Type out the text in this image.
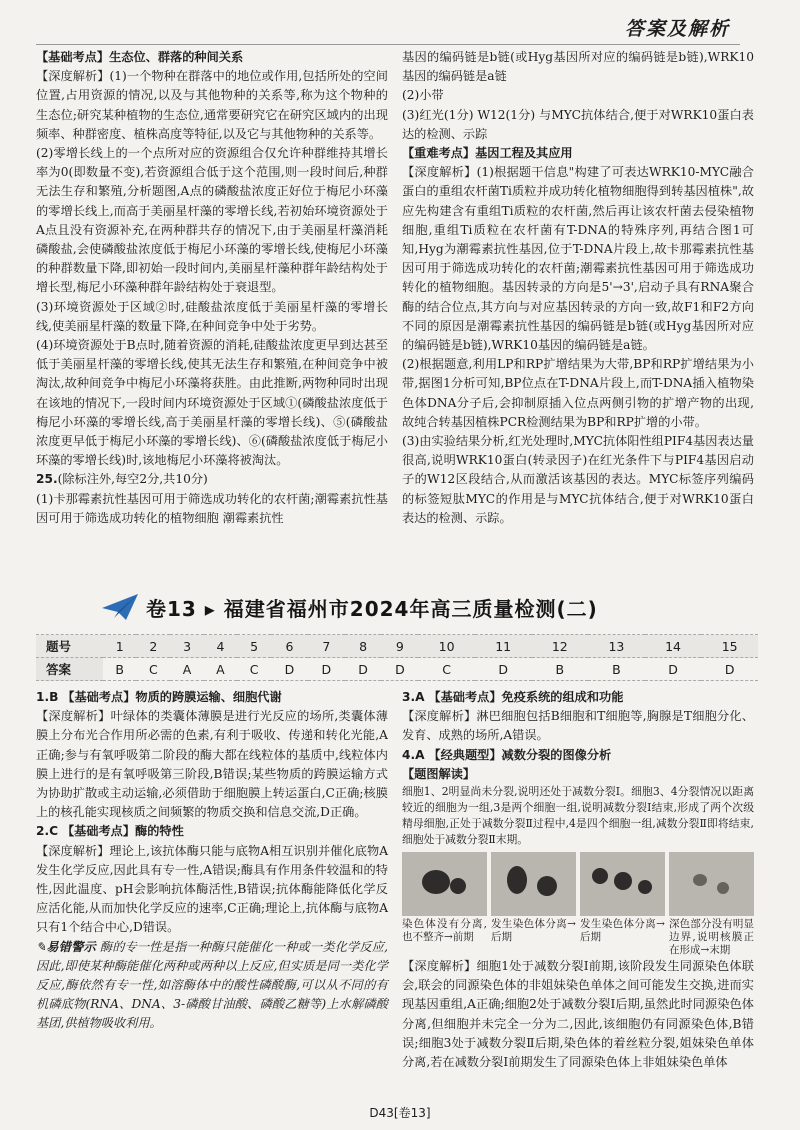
答案及解析

【基础考点】生态位、群落的种间关系

【深度解析】(1)一个物种在群落中的地位或作用,包括所处的空间位置,占用资源的情况,以及与其他物种的关系等,称为这个物种的生态位;研究某种植物的生态位,通常要研究它在研究区域内的出现频率、种群密度、植株高度等特征,以及它与其他物种的关系等。

(2)零增长线上的一个点所对应的资源组合仅允许种群维持其增长率为0(即数量不变),若资源组合低于这个范围,则一段时间后,种群无法生存和繁殖,分析题图,A点的磷酸盐浓度正好位于梅尼小环藻的零增长线上,而高于美丽星杆藻的零增长线,若初始环境资源处于A点且没有资源补充,在两种群共存的情况下,由于美丽星杆藻消耗磷酸盐,会使磷酸盐浓度低于梅尼小环藻的零增长线,使梅尼小环藻的种群数量下降,即初始一段时间内,美丽星杆藻种群年龄结构处于增长型,梅尼小环藻种群年龄结构处于衰退型。

(3)环境资源处于区域②时,硅酸盐浓度低于美丽星杆藻的零增长线,使美丽星杆藻的数量下降,在种间竞争中处于劣势。

(4)环境资源处于B点时,随着资源的消耗,硅酸盐浓度更早到达甚至低于美丽星杆藻的零增长线,使其无法生存和繁殖,在种间竞争中被淘汰,故种间竞争中梅尼小环藻将获胜。由此推断,两物种同时出现在该地的情况下,一段时间内环境资源处于区域①(磷酸盐浓度低于梅尼小环藻的零增长线,高于美丽星杆藻的零增长线)、⑤(磷酸盐浓度更早低于梅尼小环藻的零增长线)、⑥(磷酸盐浓度低于梅尼小环藻的零增长线)时,该地梅尼小环藻将被淘汰。

25.(除标注外,每空2分,共10分)

(1)卡那霉素抗性基因可用于筛选成功转化的农杆菌;潮霉素抗性基因可用于筛选成功转化的植物细胞 潮霉素抗性

基因的编码链是b链(或Hyg基因所对应的编码链是b链),WRK10基因的编码链是a链

(2)小带

(3)红光(1分) W12(1分) 与MYC抗体结合,便于对WRK10蛋白表达的检测、示踪

【重难考点】基因工程及其应用

【深度解析】(1)根据题干信息"构建了可表达WRK10-MYC融合蛋白的重组农杆菌Ti质粒并成功转化植物细胞得到转基因植株",故应先构建含有重组Ti质粒的农杆菌,然后再让该农杆菌去侵染植物细胞,重组Ti质粒在农杆菌有T-DNA的特殊序列,再结合图1可知,Hyg为潮霉素抗性基因,位于T-DNA片段上,故卡那霉素抗性基因可用于筛选成功转化的农杆菌;潮霉素抗性基因可用于筛选成功转化的植物细胞。基因转录的方向是5'→3',启动子具有RNA聚合酶的结合位点,其方向与对应基因转录的方向一致,故F1和F2方向不同的原因是潮霉素抗性基因的编码链是b链(或Hyg基因所对应的编码链是b链),WRK10基因的编码链是a链。

(2)根据题意,利用LP和RP扩增结果为大带,BP和RP扩增结果为小带,据图1分析可知,BP位点在T-DNA片段上,而T-DNA插入植物染色体DNA分子后,会抑制原插入位点两侧引物的扩增产物的出现,故纯合转基因植株PCR检测结果为BP和RP扩增的小带。

(3)由实验结果分析,红光处理时,MYC抗体阳性组PIF4基因表达量很高,说明WRK10蛋白(转录因子)在红光条件下与PIF4基因启动子的W12区段结合,从而激活该基因的表达。MYC标签序列编码的标签短肽MYC的作用是与MYC抗体结合,便于对WRK10蛋白表达的检测、示踪。

卷13 ▸ 福建省福州市2024年高三质量检测(二)
题号	1	2	3	4	5	6	7	8	9	10	11	12	13	14	15
答案	B	C	A	A	C	D	D	D	D	C	D	B	B	D	D

1.B 【基础考点】物质的跨膜运输、细胞代谢

【深度解析】叶绿体的类囊体薄膜是进行光反应的场所,类囊体薄膜上分布光合作用所必需的色素,有利于吸收、传递和转化光能,A正确;参与有氧呼吸第二阶段的酶大都在线粒体的基质中,线粒体内膜上进行的是有氧呼吸第三阶段,B错误;某些物质的跨膜运输方式为协助扩散或主动运输,必须借助于细胞膜上转运蛋白,C正确;核膜上的核孔能实现核质之间频繁的物质交换和信息交流,D正确。

2.C 【基础考点】酶的特性

【深度解析】理论上,该抗体酶只能与底物A相互识别并催化底物A发生化学反应,因此具有专一性,A错误;酶具有作用条件较温和的特性,因此温度、pH会影响抗体酶活性,B错误;抗体酶能降低化学反应活化能,从而加快化学反应的速率,C正确;理论上,抗体酶与底物A只有1个结合中心,D错误。

✎易错警示 酶的专一性是指一种酶只能催化一种或一类化学反应,因此,即使某种酶能催化两种或两种以上反应,但实质是同一类化学反应,酶依然有专一性,如溶酶体中的酸性磷酸酶,可以从不同的有机磷底物(RNA、DNA、3-磷酸甘油酸、磷酸乙糖等)上水解磷酸基团,供植物吸收利用。

3.A 【基础考点】免疫系统的组成和功能

【深度解析】淋巴细胞包括B细胞和T细胞等,胸腺是T细胞分化、发育、成熟的场所,A错误。

4.A 【经典题型】减数分裂的图像分析

【题图解读】

细胞1、2明显尚未分裂,说明还处于减数分裂Ⅰ。细胞3、4分裂情况以距离较近的细胞为一组,3是两个细胞一组,说明减数分裂Ⅰ结束,形成了两个次级精母细胞,正处于减数分裂Ⅱ过程中,4是四个细胞一组,减数分裂Ⅱ即将结束,细胞处于减数分裂Ⅱ末期。

染色体没有分离,也不整齐→前期
发生染色体分离→后期
发生染色体分离→后期
深色部分没有明显边界,说明核膜正在形成→末期

【深度解析】细胞1处于减数分裂Ⅰ前期,该阶段发生同源染色体联会,联会的同源染色体的非姐妹染色单体之间可能发生交换,进而实现基因重组,A正确;细胞2处于减数分裂Ⅰ后期,虽然此时同源染色体分离,但细胞并未完全一分为二,因此,该细胞仍有同源染色体,B错误;细胞3处于减数分裂Ⅱ后期,染色体的着丝粒分裂,姐妹染色单体分离,若在减数分裂Ⅰ前期发生了同源染色体上非姐妹染色单体

D43[卷13]
